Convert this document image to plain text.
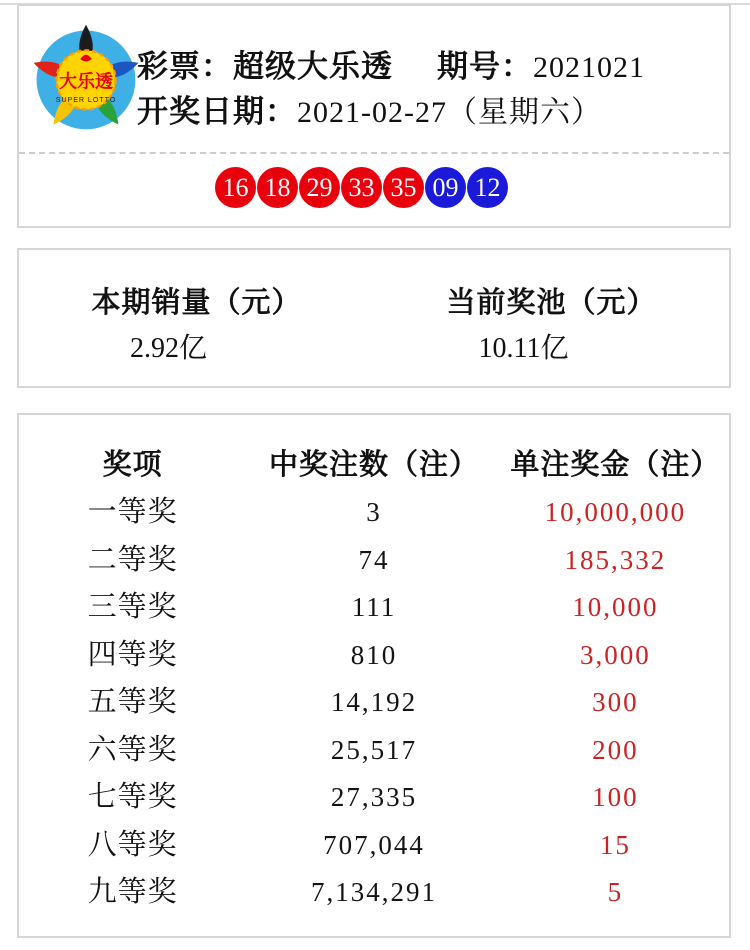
大乐透
SUPER LOTTO
彩票：超级大乐透 期号：2021021
开奖日期：2021-02-27（星期六）
16 18 29 33 35 09 12
本期销量（元）
2.92亿
当前奖池（元）
10.11亿
奖项	中奖注数（注）	单注奖金（注）
一等奖	3	10,000,000
二等奖	74	185,332
三等奖	111	10,000
四等奖	810	3,000
五等奖	14,192	300
六等奖	25,517	200
七等奖	27,335	100
八等奖	707,044	15
九等奖	7,134,291	5
